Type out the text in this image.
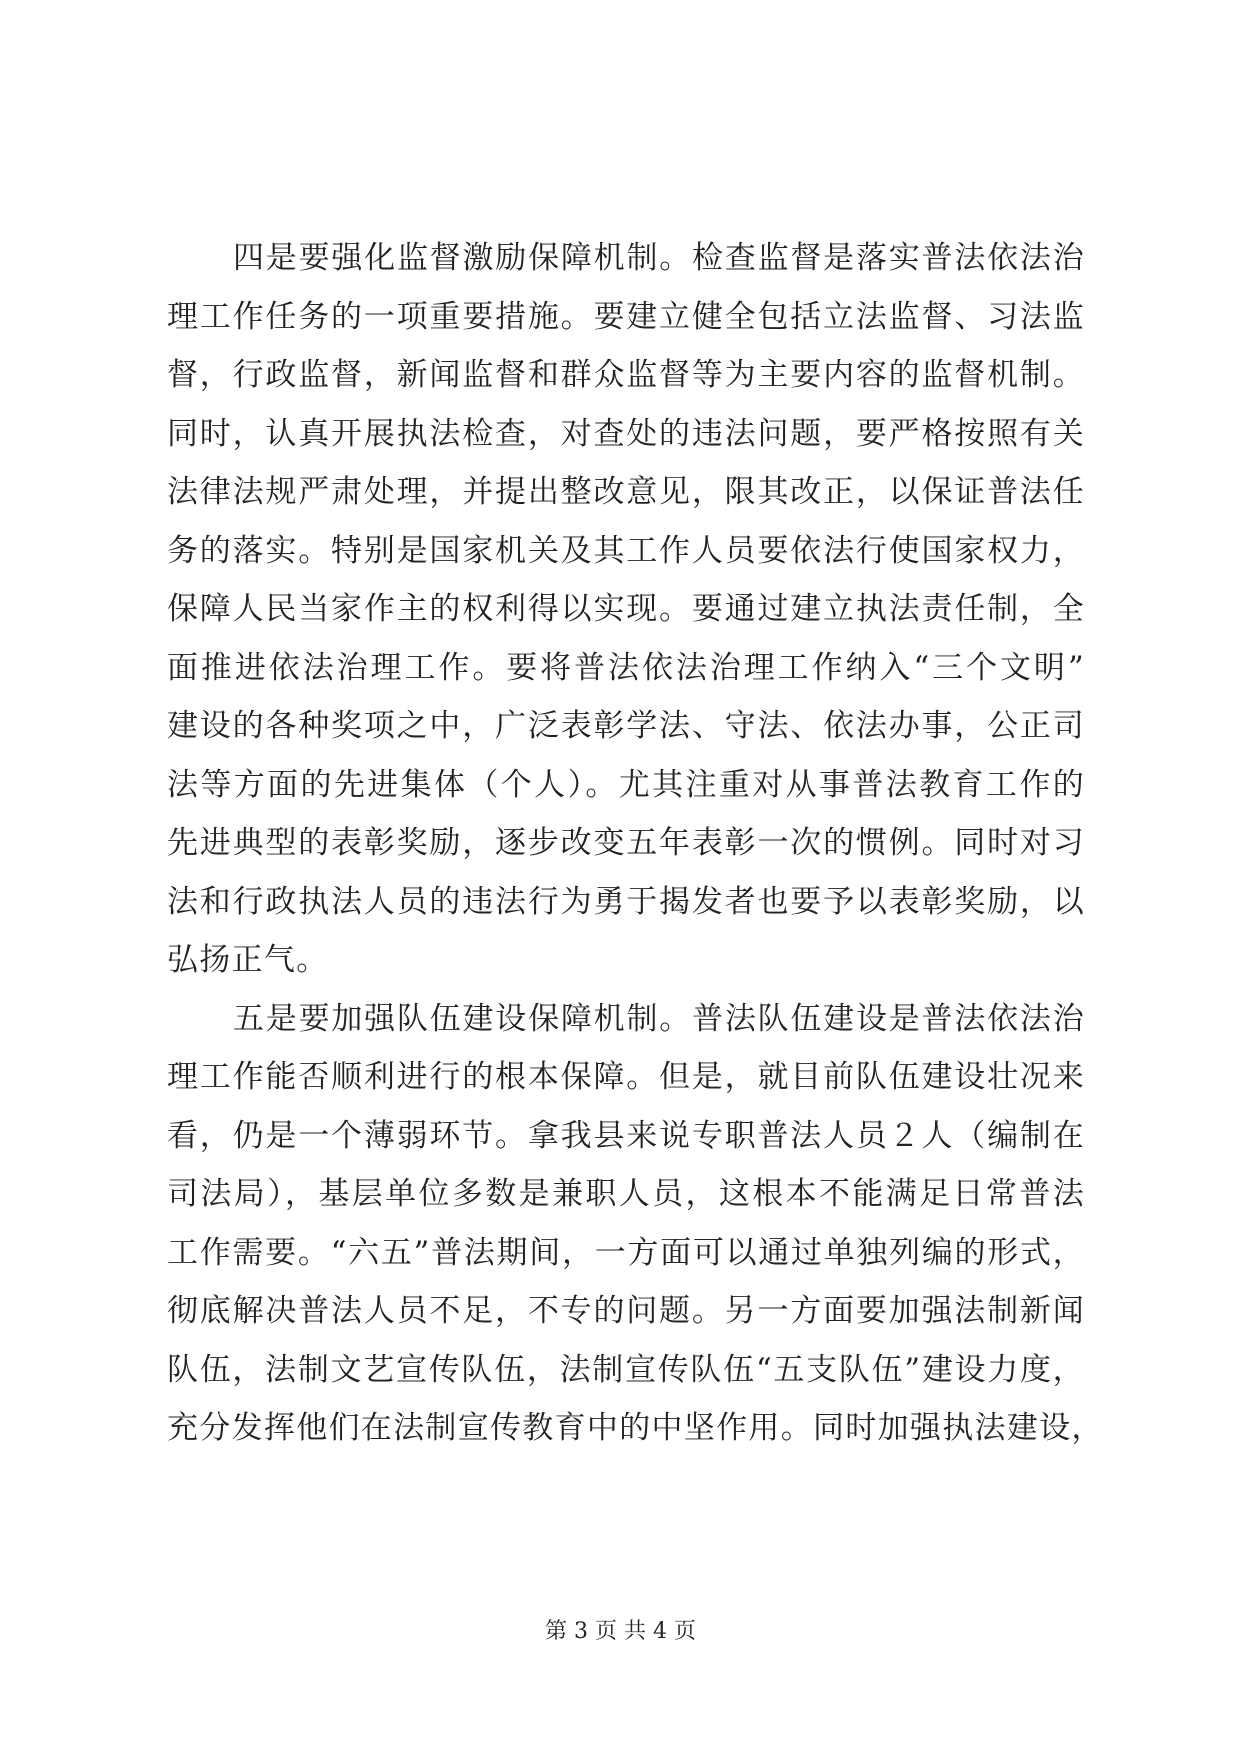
四是要强化监督激励保障机制。检查监督是落实普法依法治
理工作任务的一项重要措施。要建立健全包括立法监督、习法监
督，行政监督，新闻监督和群众监督等为主要内容的监督机制。
同时，认真开展执法检查，对查处的违法问题，要严格按照有关
法律法规严肃处理，并提出整改意见，限其改正，以保证普法任
务的落实。特别是国家机关及其工作人员要依法行使国家权力，
保障人民当家作主的权利得以实现。要通过建立执法责任制，全
面推进依法治理工作。要将普法依法治理工作纳入“三个文明”
建设的各种奖项之中，广泛表彰学法、守法、依法办事，公正司
法等方面的先进集体（个人）。尤其注重对从事普法教育工作的
先进典型的表彰奖励，逐步改变五年表彰一次的惯例。同时对习
法和行政执法人员的违法行为勇于揭发者也要予以表彰奖励，以
弘扬正气。
五是要加强队伍建设保障机制。普法队伍建设是普法依法治
理工作能否顺利进行的根本保障。但是，就目前队伍建设壮况来
看，仍是一个薄弱环节。拿我县来说专职普法人员２人（编制在
司法局），基层单位多数是兼职人员，这根本不能满足日常普法
工作需要。“六五”普法期间，一方面可以通过单独列编的形式，
彻底解决普法人员不足，不专的问题。另一方面要加强法制新闻
队伍，法制文艺宣传队伍，法制宣传队伍“五支队伍”建设力度，
充分发挥他们在法制宣传教育中的中坚作用。同时加强执法建设，
第 3 页 共 4 页
